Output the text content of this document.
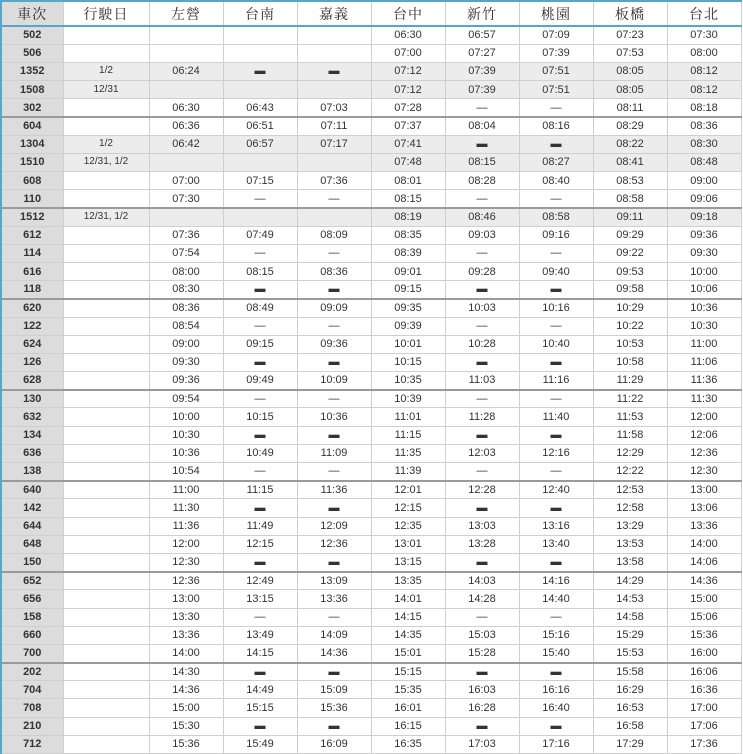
車次	行駛日	左營	台南	嘉義	台中	新竹	桃園	板橋	台北
502					06:30	06:57	07:09	07:23	07:30
506					07:00	07:27	07:39	07:53	08:00
1352	1/2	06:24	▬	▬	07:12	07:39	07:51	08:05	08:12
1508	12/31				07:12	07:39	07:51	08:05	08:12
302		06:30	06:43	07:03	07:28	—	—	08:11	08:18
604		06:36	06:51	07:11	07:37	08:04	08:16	08:29	08:36
1304	1/2	06:42	06:57	07:17	07:41	▬	▬	08:22	08:30
1510	12/31, 1/2				07:48	08:15	08:27	08:41	08:48
608		07:00	07:15	07:36	08:01	08:28	08:40	08:53	09:00
110		07:30	—	—	08:15	—	—	08:58	09:06
1512	12/31, 1/2				08:19	08:46	08:58	09:11	09:18
612		07:36	07:49	08:09	08:35	09:03	09:16	09:29	09:36
114		07:54	—	—	08:39	—	—	09:22	09:30
616		08:00	08:15	08:36	09:01	09:28	09:40	09:53	10:00
118		08:30	▬	▬	09:15	▬	▬	09:58	10:06
620		08:36	08:49	09:09	09:35	10:03	10:16	10:29	10:36
122		08:54	—	—	09:39	—	—	10:22	10:30
624		09:00	09:15	09:36	10:01	10:28	10:40	10:53	11:00
126		09:30	▬	▬	10:15	▬	▬	10:58	11:06
628		09:36	09:49	10:09	10:35	11:03	11:16	11:29	11:36
130		09:54	—	—	10:39	—	—	11:22	11:30
632		10:00	10:15	10:36	11:01	11:28	11:40	11:53	12:00
134		10:30	▬	▬	11:15	▬	▬	11:58	12:06
636		10:36	10:49	11:09	11:35	12:03	12:16	12:29	12:36
138		10:54	—	—	11:39	—	—	12:22	12:30
640		11:00	11:15	11:36	12:01	12:28	12:40	12:53	13:00
142		11:30	▬	▬	12:15	▬	▬	12:58	13:06
644		11:36	11:49	12:09	12:35	13:03	13:16	13:29	13:36
648		12:00	12:15	12:36	13:01	13:28	13:40	13:53	14:00
150		12:30	▬	▬	13:15	▬	▬	13:58	14:06
652		12:36	12:49	13:09	13:35	14:03	14:16	14:29	14:36
656		13:00	13:15	13:36	14:01	14:28	14:40	14:53	15:00
158		13:30	—	—	14:15	—	—	14:58	15:06
660		13:36	13:49	14:09	14:35	15:03	15:16	15:29	15:36
700		14:00	14:15	14:36	15:01	15:28	15:40	15:53	16:00
202		14:30	▬	▬	15:15	▬	▬	15:58	16:06
704		14:36	14:49	15:09	15:35	16:03	16:16	16:29	16:36
708		15:00	15:15	15:36	16:01	16:28	16:40	16:53	17:00
210		15:30	▬	▬	16:15	▬	▬	16:58	17:06
712		15:36	15:49	16:09	16:35	17:03	17:16	17:29	17:36
